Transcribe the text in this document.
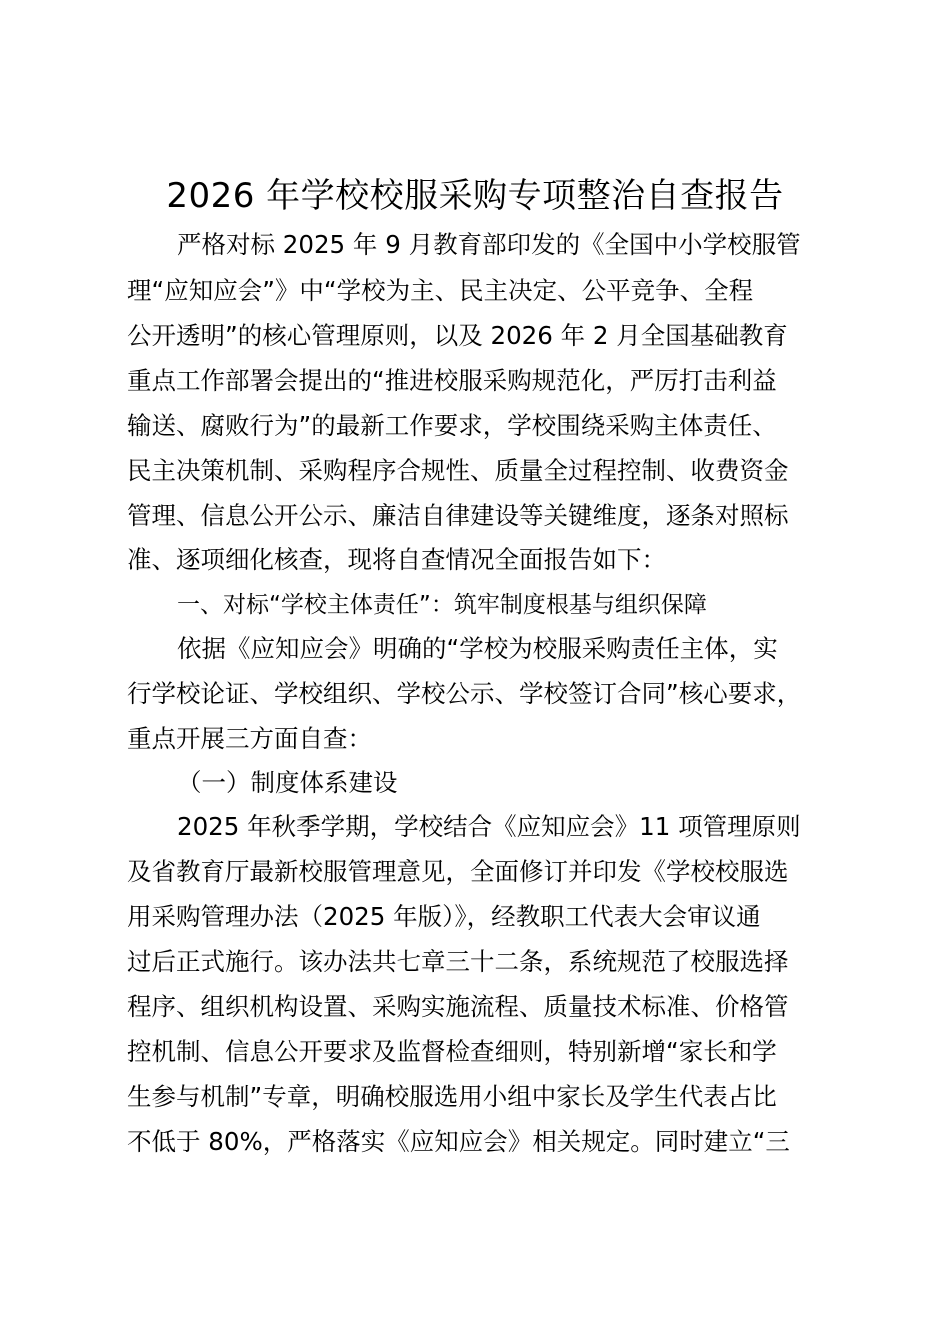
2026 年学校校服采购专项整治自查报告
严格对标 2025 年 9 月教育部印发的《全国中小学校服管
理“应知应会”》中“学校为主、民主决定、公平竞争、全程
公开透明”的核心管理原则，以及 2026 年 2 月全国基础教育
重点工作部署会提出的“推进校服采购规范化，严厉打击利益
输送、腐败行为”的最新工作要求，学校围绕采购主体责任、
民主决策机制、采购程序合规性、质量全过程控制、收费资金
管理、信息公开公示、廉洁自律建设等关键维度，逐条对照标
准、逐项细化核查，现将自查情况全面报告如下：
一、对标“学校主体责任”：筑牢制度根基与组织保障
依据《应知应会》明确的“学校为校服采购责任主体，实
行学校论证、学校组织、学校公示、学校签订合同”核心要求，
重点开展三方面自查：
（一）制度体系建设
2025 年秋季学期，学校结合《应知应会》11 项管理原则
及省教育厅最新校服管理意见，全面修订并印发《学校校服选
用采购管理办法（2025 年版）》，经教职工代表大会审议通
过后正式施行。该办法共七章三十二条，系统规范了校服选择
程序、组织机构设置、采购实施流程、质量技术标准、价格管
控机制、信息公开要求及监督检查细则，特别新增“家长和学
生参与机制”专章，明确校服选用小组中家长及学生代表占比
不低于 80%，严格落实《应知应会》相关规定。同时建立“三
